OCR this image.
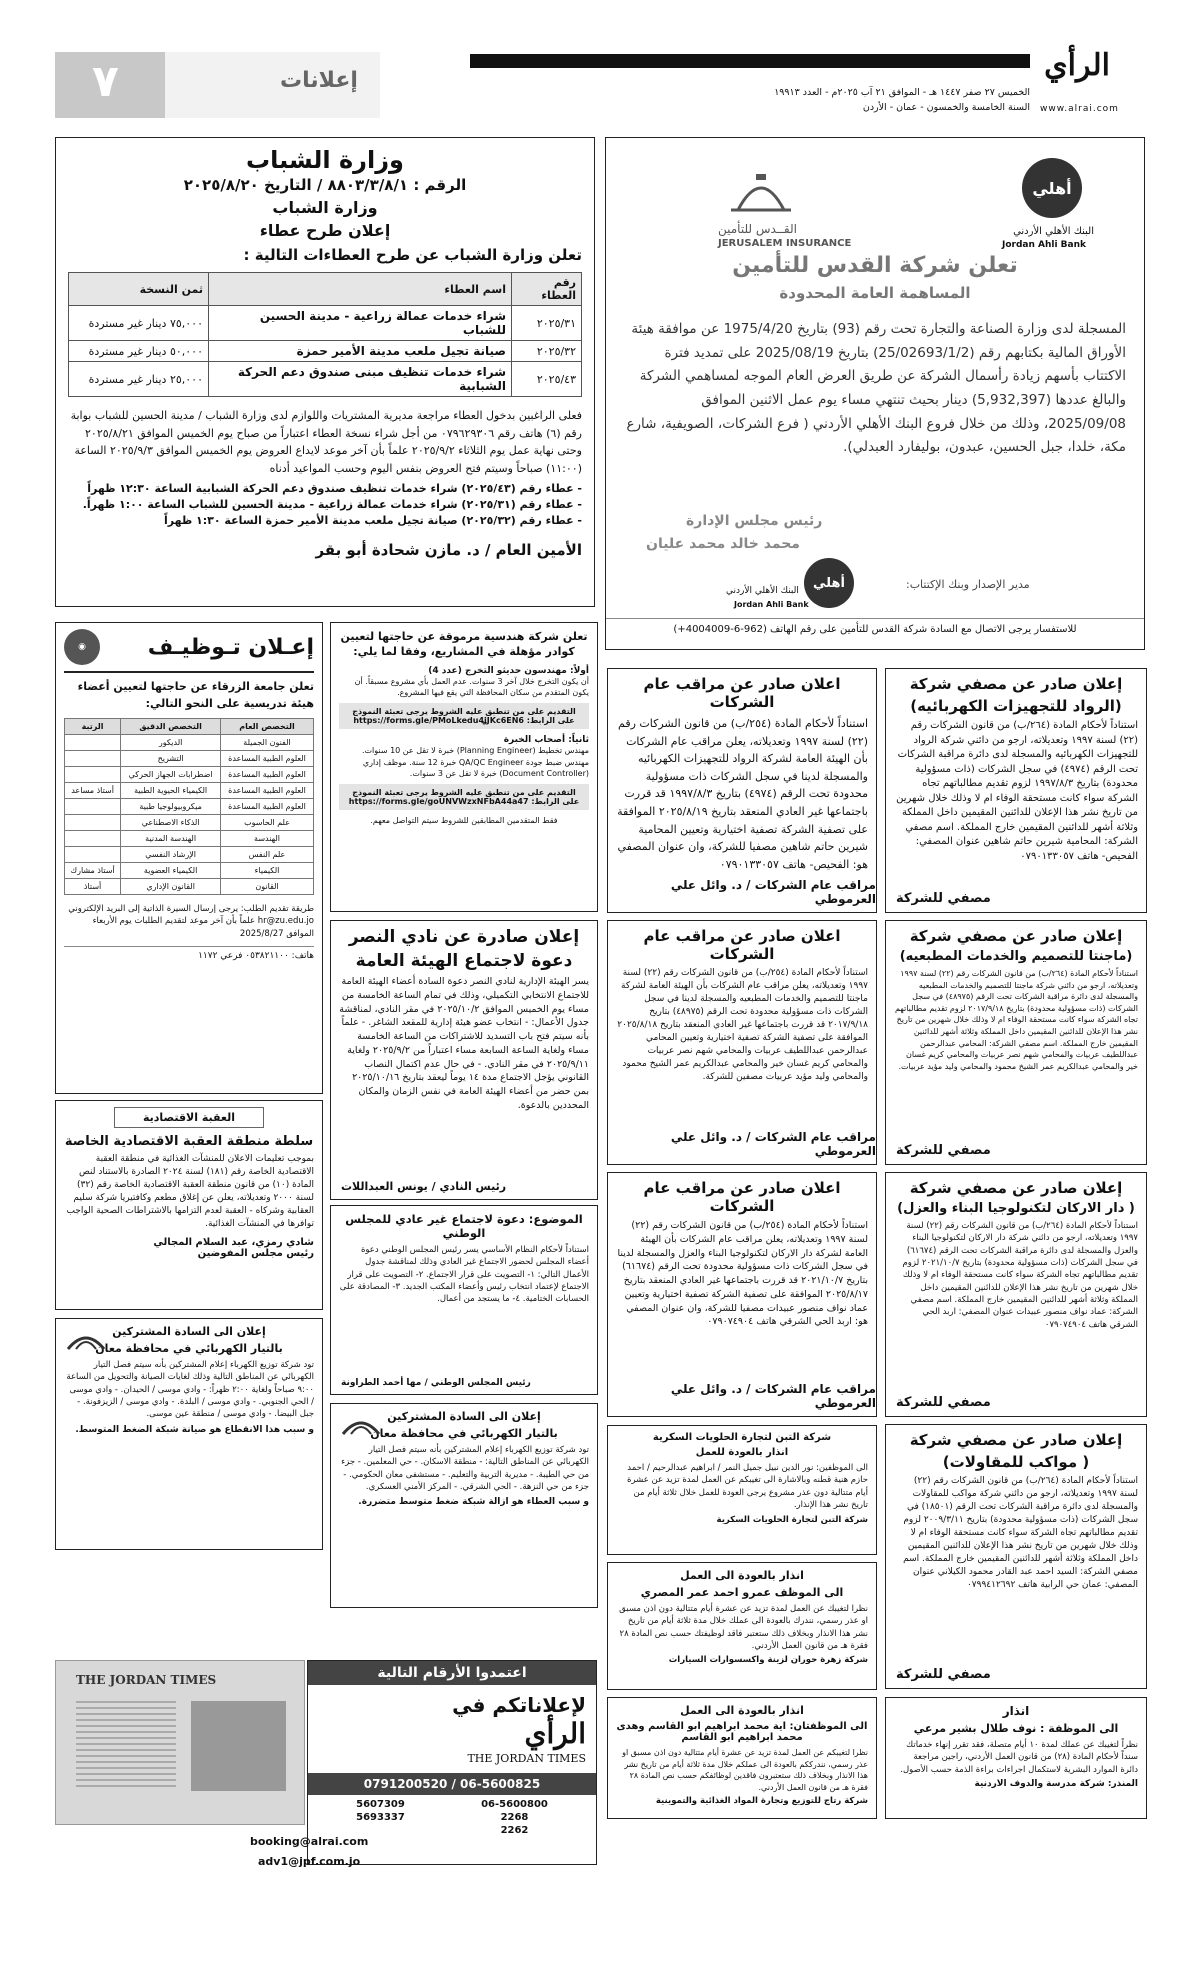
الرأي
www.alrai.com
الخميس ٢٧ صفر ١٤٤٧ هـ - الموافق ٢١ آب ٢٠٢٥م - العدد ١٩٩١٣
السنة الخامسة والخمسون - عمان - الأردن
إعلانات
٧
القــدس للتأمين
JERUSALEM INSURANCE
أهلي
البنك الأهلي الأردني
Jordan Ahli Bank
تعلن شركة القدس للتأمين
المساهمة العامة المحدودة
المسجلة لدى وزارة الصناعة والتجارة تحت رقم (93) بتاريخ 1975/4/20 عن موافقة هيئة الأوراق المالية بكتابهم رقم (25/02693/1/2) بتاريخ 2025/08/19 على تمديد فترة الاكتتاب بأسهم زيادة رأسمال الشركة عن طريق العرض العام الموجه لمساهمي الشركة والبالغ عددها (5,932,397) دينار بحيث تنتهي مساء يوم عمل الاثنين الموافق 2025/09/08، وذلك من خلال فروع البنك الأهلي الأردني ( فرع الشركات، الصويفية، شارع مكة، خلدا، جبل الحسين، عبدون، بوليفارد العبدلي).
رئيس مجلس الإدارة
محمد خالد محمد عليان
مدير الإصدار وبنك الإكتتاب:
أهلي
البنك الأهلي الأردني
Jordan Ahli Bank
للاستفسار يرجى الاتصال مع السادة شركة القدس للتأمين على رقم الهاتف (962-6-4004009+)
وزارة الشباب
الرقم : ٨٨٠٣/٣/٨/١ / التاريخ ٢٠٢٥/٨/٢٠
وزارة الشباب
إعلان طرح عطاء
تعلن وزارة الشباب عن طرح العطاءات التالية :
رقم العطاء	اسم العطاء	ثمن النسخة
٢٠٢٥/٣١	شراء خدمات عمالة زراعية - مدينة الحسين للشباب	٧٥,٠٠٠ دينار غير مستردة
٢٠٢٥/٣٢	صيانة تجيل ملعب مدينة الأمير حمزة	٥٠,٠٠٠ دينار غير مستردة
٢٠٢٥/٤٣	شراء خدمات تنظيف مبنى صندوق دعم الحركة الشبابية	٢٥,٠٠٠ دينار غير مستردة

فعلى الراغبين بدخول العطاء مراجعة مديرية المشتريات واللوازم لدى وزارة الشباب / مدينة الحسين للشباب بوابة رقم (٦) هاتف رقم ٠٧٩٦٢٩٣٠٦ من أجل شراء نسخة العطاء اعتباراً من صباح يوم الخميس الموافق ٢٠٢٥/٨/٢١ وحتى نهاية عمل يوم الثلاثاء ٢٠٢٥/٩/٢ علماً بأن آخر موعد لايداع العروض يوم الخميس الموافق ٢٠٢٥/٩/٣ الساعة (١١:٠٠) صباحاً وسيتم فتح العروض بنفس اليوم وحسب المواعيد أدناه

- عطاء رقم (٢٠٢٥/٤٣) شراء خدمات تنظيف صندوق دعم الحركة الشبابية الساعة ١٢:٣٠ ظهراً

- عطاء رقم (٢٠٢٥/٣١) شراء خدمات عمالة زراعية - مدينة الحسين للشباب الساعة ١:٠٠ ظهراً.

- عطاء رقم (٢٠٢٥/٣٢) صيانة تجيل ملعب مدينة الأمير حمزة الساعة ١:٣٠ ظهراً

الأمين العام / د. مازن شحادة أبو بقر
إعلان صادر عن مصفي شركة
(الرواد للتجهيزات الكهربائيه)

استناداً لأحكام المادة (٢٦٤/ب) من قانون الشركات رقم (٢٢) لسنة ١٩٩٧ وتعديلاته، ارجو من دائني شركة الرواد للتجهيزات الكهربائيه والمسجلة لدى دائرة مراقبة الشركات تحت الرقم (٤٩٧٤) في سجل الشركات (ذات مسؤولية محدودة) بتاريخ ١٩٩٧/٨/٣ لزوم تقديم مطالباتهم تجاه الشركة سواء كانت مستحقة الوفاء ام لا وذلك خلال شهرين من تاريخ نشر هذا الإعلان للدائنين المقيمين داخل المملكة وثلاثة أشهر للدائنين المقيمين خارج المملكة. اسم مصفي الشركة: المحامية شيرين حاتم شاهين عنوان المصفي: الفحيص- هاتف ٠٧٩٠١٣٣٠٥٧

مصفي للشركة
اعلان صادر عن مراقب عام الشركات

استناداً لأحكام المادة (٢٥٤/ب) من قانون الشركات رقم (٢٢) لسنة ١٩٩٧ وتعديلاته، يعلن مراقب عام الشركات بأن الهيئة العامة لشركة الرواد للتجهيزات الكهربائيه والمسجلة لدينا في سجل الشركات ذات مسؤولية محدودة تحت الرقم (٤٩٧٤) بتاريخ ١٩٩٧/٨/٣ قد قررت باجتماعها غير العادي المنعقد بتاريخ ٢٠٢٥/٨/١٩ الموافقة على تصفية الشركة تصفية اختيارية وتعيين المحامية شيرين حاتم شاهين مصفيا للشركة، وان عنوان المصفي هو: الفحيص- هاتف ٠٧٩٠١٣٣٠٥٧

مراقب عام الشركات / د. وائل علي العرموطي
تعلن شركة هندسية مرموقة عن حاجتها لتعيين كوادر مؤهلة في المشاريع، وفقا لما يلي:
أولاً: مهندسون حديثو التخرج (عدد 4)

أن يكون التخرج خلال آخر 3 سنوات. عدم العمل بأي مشروع مسبقاً. أن يكون المتقدم من سكان المحافظة التي يقع فيها المشروع.

التقديم على من تنطبق عليه الشروط يرجى تعبئة النموذج على الرابط: https://forms.gle/PMoLkedu4ʝJKc6EN6
ثانياً: أصحاب الخبرة

مهندس تخطيط (Planning Engineer) خبرة لا تقل عن 10 سنوات. مهندس ضبط جودة QA/QC Engineer خبرة 12 سنة. موظف إداري (Document Controller) خبرة لا تقل عن 3 سنوات.

التقديم على من تنطبق عليه الشروط يرجى تعبئة النموذج على الرابط: https://forms.gle/goUNVWzxNFbA44a47
فقط المتقدمين المطابقين للشروط سيتم التواصل معهم.
إعـلان تـوظيـف
◉
تعلن جامعة الزرقاء عن حاجتها لتعيين أعضاء هيئة تدريسية على النحو التالي:
التخصص العام	التخصص الدقيق	الرتبة
الفنون الجميلة	الديكور	
العلوم الطبية المساعدة	التشريح	
العلوم الطبية المساعدة	اضطرابات الجهاز الحركي	
العلوم الطبية المساعدة	الكيمياء الحيوية الطبية	أستاذ مساعد
العلوم الطبية المساعدة	ميكروبيولوجيا طبية	
علم الحاسوب	الذكاء الاصطناعي	
الهندسة	الهندسة المدنية	
علم النفس	الإرشاد النفسي	
الكيمياء	الكيمياء العضوية	أستاذ مشارك
القانون	القانون الإداري	أستاذ

طريقة تقديم الطلب: يرجى إرسال السيرة الذاتية إلى البريد الإلكتروني hr@zu.edu.jo علماً بأن آخر موعد لتقديم الطلبات يوم الأربعاء الموافق 2025/8/27

هاتف: ٠٥٣٨٢١١٠٠ فرعي ١١٧٢
إعلان صادرة عن نادي النصر
دعوة لاجتماع الهيئة العامة

يسر الهيئة الإدارية لنادي النصر دعوة السادة أعضاء الهيئة العامة للاجتماع الانتخابي التكميلي، وذلك في تمام الساعة الخامسة من مساء يوم الخميس الموافق ٢٠٢٥/١٠/٢ في مقر النادي، لمناقشة جدول الأعمال: - انتخاب عضو هيئة إدارية للمقعد الشاغر. - علماً بأنه سيتم فتح باب التسديد للاشتراكات من الساعة الخامسة مساء ولغاية الساعة السابعة مساء اعتباراً من ٢٠٢٥/٩/٢ ولغاية ٢٠٢٥/٩/١١ في مقر النادي. - في حال عدم اكتمال النصاب القانوني يؤجل الاجتماع مدة ١٤ يوماً ليعقد بتاريخ ٢٠٢٥/١٠/١٦ بمن حضر من أعضاء الهيئة العامة في نفس الزمان والمكان المحددين بالدعوة.

رئيس النادي / يونس العبداللات
إعلان صادر عن مصفي شركة
(ماجنتا للتصميم والخدمات المطبعيه)

استناداً لأحكام المادة (٢٦٤/ب) من قانون الشركات رقم (٢٢) لسنة ١٩٩٧ وتعديلاته، ارجو من دائني شركة ماجنتا للتصميم والخدمات المطبعيه والمسجلة لدى دائرة مراقبة الشركات تحت الرقم (٤٨٩٧٥) في سجل الشركات (ذات مسؤولية محدودة) بتاريخ ٢٠١٧/٩/١٨ لزوم تقديم مطالباتهم تجاه الشركة سواء كانت مستحقة الوفاء ام لا وذلك خلال شهرين من تاريخ نشر هذا الإعلان للدائنين المقيمين داخل المملكة وثلاثة أشهر للدائنين المقيمين خارج المملكة. اسم مصفي الشركة: المحامي عبدالرحمن عبداللطيف عربيات والمحامي شهم نصر عربيات والمحامي كريم غسان خير والمحامي عبدالكريم عمر الشيخ محمود والمحامي وليد مؤيد عربيات.

مصفي للشركة
اعلان صادر عن مراقب عام الشركات

استناداً لأحكام المادة (٢٥٤/ب) من قانون الشركات رقم (٢٢) لسنة ١٩٩٧ وتعديلاته، يعلن مراقب عام الشركات بأن الهيئة العامة لشركة ماجنتا للتصميم والخدمات المطبعيه والمسجلة لدينا في سجل الشركات ذات مسؤولية محدودة تحت الرقم (٤٨٩٧٥) بتاريخ ٢٠١٧/٩/١٨ قد قررت باجتماعها غير العادي المنعقد بتاريخ ٢٠٢٥/٨/١٨ الموافقة على تصفية الشركة تصفية اختيارية وتعيين المحامي عبدالرحمن عبداللطيف عربيات والمحامي شهم نصر عربيات والمحامي كريم غسان خير والمحامي عبدالكريم عمر الشيخ محمود والمحامي وليد مؤيد عربيات مصفين للشركة.

مراقب عام الشركات / د. وائل علي العرموطي
العقبة الاقتصادية
سلطة منطقة العقبة الاقتصادية الخاصة

بموجب تعليمات الاعلان للمنشآت الغذائية في منطقة العقبة الاقتصادية الخاصة رقم (١٨١) لسنة ٢٠٢٤ الصادرة بالاستناد لنص المادة (١٠) من قانون منطقة العقبة الاقتصادية الخاصة رقم (٣٢) لسنة ٢٠٠٠ وتعديلاته، يعلن عن إغلاق مطعم وكافتيريا شركة سليم العقابية وشركاه - العقبة لعدم التزامها بالاشتراطات الصحية الواجب توافرها في المنشآت الغذائية.

شادي رمزي، عبد السلام المجالي
رئيس مجلس المفوضين
الموضوع: دعوة لاجتماع غير عادي للمجلس الوطني

استناداً لأحكام النظام الأساسي يسر رئيس المجلس الوطني دعوة أعضاء المجلس لحضور الاجتماع غير العادي وذلك لمناقشة جدول الأعمال التالي: ١- التصويت على قرار الاجتماع. ٢- التصويت على قرار الاجتماع لإعتماد انتخاب رئيس وأعضاء المكتب الجديد. ٣- المصادقة على الحسابات الختامية. ٤- ما يستجد من أعمال.

رئيس المجلس الوطني / مها أحمد الطراونة
إعلان صادر عن مصفي شركة
( دار الاركان لتكنولوجيا البناء والعزل)

استناداً لأحكام المادة (٢٦٤/ب) من قانون الشركات رقم (٢٢) لسنة ١٩٩٧ وتعديلاته، ارجو من دائني شركة دار الاركان لتكنولوجيا البناء والعزل والمسجلة لدى دائرة مراقبة الشركات تحت الرقم (٦١٦٧٤) في سجل الشركات (ذات مسؤولية محدودة) بتاريخ ٢٠٢١/١٠/٧ لزوم تقديم مطالباتهم تجاه الشركة سواء كانت مستحقة الوفاء ام لا وذلك خلال شهرين من تاريخ نشر هذا الإعلان للدائنين المقيمين داخل المملكة وثلاثة أشهر للدائنين المقيمين خارج المملكة. اسم مصفي الشركة: عماد نواف منصور عبيدات عنوان المصفي: اربد الحي الشرقي هاتف ٠٧٩٠٧٤٩٠٤

مصفي للشركة
اعلان صادر عن مراقب عام الشركات

استناداً لأحكام المادة (٢٥٤/ب) من قانون الشركات رقم (٢٢) لسنة ١٩٩٧ وتعديلاته، يعلن مراقب عام الشركات بأن الهيئة العامة لشركة دار الاركان لتكنولوجيا البناء والعزل والمسجلة لدينا في سجل الشركات ذات مسؤولية محدودة تحت الرقم (٦١٦٧٤) بتاريخ ٢٠٢١/١٠/٧ قد قررت باجتماعها غير العادي المنعقد بتاريخ ٢٠٢٥/٨/١٧ الموافقة على تصفية الشركة تصفية اختيارية وتعيين عماد نواف منصور عبيدات مصفيا للشركة، وان عنوان المصفي هو: اربد الحي الشرقي هاتف ٠٧٩٠٧٤٩٠٤

مراقب عام الشركات / د. وائل علي العرموطي
إعلان الى السادة المشتركين
بالتيار الكهربائي في محافظة معان

تود شركة توزيع الكهرباء إعلام المشتركين بأنه سيتم فصل التيار الكهربائي عن المناطق التالية وذلك لغايات الصيانة والتحويل من الساعة ٩:٠٠ صباحاً ولغاية ٢:٠٠ ظهراً: - وادي موسى / الحيدان. - وادي موسى / الحي الجنوبي. - وادي موسى / البلدة. - وادي موسى / الزيزفونة. - جبل البيضا. - وادي موسى / منطقة عين موسى.

و سبب هذا الانقطاع هو صيانة شبكة الضغط المتوسط.
إعلان الى السادة المشتركين
بالتيار الكهربائي في محافظة معان

تود شركة توزيع الكهرباء إعلام المشتركين بأنه سيتم فصل التيار الكهربائي عن المناطق التالية: - منطقة الاسكان. - حي المعلمين. - جزء من حي الطيبة. - مديرية التربية والتعليم. - مستشفى معان الحكومي. - جزء من حي النزهة. - الحي الشرقي. - المركز الأمني العسكري.

و سبب العطاء هو ازالة شبكة ضغط متوسط متضررة.
شركة التبن لتجارة الحلويات السكرية
انذار بالعودة للعمل

الى الموظفين: نور الدين نبيل جميل النمر / ابراهيم عبدالرحيم / احمد حازم هنية قطنه وبالاشارة الى تغيبكم عن العمل لمدة تزيد عن عشرة أيام متتالية دون عذر مشروع يرجى العودة للعمل خلال ثلاثة أيام من تاريخ نشر هذا الإنذار.

شركة التبن لتجارة الحلويات السكرية
انذار بالعودة الى العمل
الى الموظف عمرو احمد عمر المصري

نظرا لتغيبك عن العمل لمدة تزيد عن عشرة أيام متتالية دون اذن مسبق او عذر رسمي، نندرك بالعودة الى عملك خلال مدة ثلاثة أيام من تاريخ نشر هذا الانذار وبخلاف ذلك ستعتبر فاقد لوظيفتك حسب نص المادة ٢٨ فقرة هـ من قانون العمل الأردني.

شركة زهرة حوران لزينة واكسسوارات السيارات
إعلان صادر عن مصفي شركة
( مواكب للمقاولات)

استناداً لأحكام المادة (٢٦٤/ب) من قانون الشركات رقم (٢٢) لسنة ١٩٩٧ وتعديلاته، ارجو من دائني شركة مواكب للمقاولات والمسجلة لدى دائرة مراقبة الشركات تحت الرقم (١٨٥٠١) في سجل الشركات (ذات مسؤولية محدودة) بتاريخ ٢٠٠٩/٣/١١ لزوم تقديم مطالباتهم تجاه الشركة سواء كانت مستحقة الوفاء ام لا وذلك خلال شهرين من تاريخ نشر هذا الإعلان للدائنين المقيمين داخل المملكة وثلاثة أشهر للدائنين المقيمين خارج المملكة. اسم مصفي الشركة: السيد احمد عبد القادر محمود الكيلاني عنوان المصفي: عمان حي الرابية هاتف ٠٧٩٩٤١٢٦٩٢

مصفي للشركة
انذار
الى الموظفة : نوف طلال بشير مرعي

نظراً لتغيبك عن عملك لمدة ١٠ أيام متصلة، فقد تقرر إنهاء خدماتك سنداً لأحكام المادة (٢٨) من قانون العمل الأردني، راجين مراجعة دائرة الموارد البشرية لاستكمال اجراءات براءة الذمة حسب الأصول.

المنذر: شركة مدرسة والدوف الاردنية
انذار بالعودة الى العمل
الى الموظفتان: اية محمد ابراهيم ابو القاسم وهدى محمد ابراهيم ابو القاسم

نظرا لتغيبكم عن العمل لمدة تزيد عن عشرة أيام متتالية دون اذن مسبق او عذر رسمي، نندرككم بالعودة الى عملكم خلال مدة ثلاثة أيام من تاريخ نشر هذا الانذار وبخلاف ذلك ستعتبرون فاقدين لوظائفكم حسب نص المادة ٢٨ فقرة هـ من قانون العمل الأردني.

شركة رتاج للتوزيع وتجارة المواد الغذائية والتموينية
اعتمدوا الأرقام التالية
لإعلاناتكم في
الرأي
THE JORDAN TIMES
06-5600825 / 0791200520
5607309
5693337
06-5600800
2268
2262
THE JORDAN TIMES
booking@alrai.com
adv1@jpf.com.jo
